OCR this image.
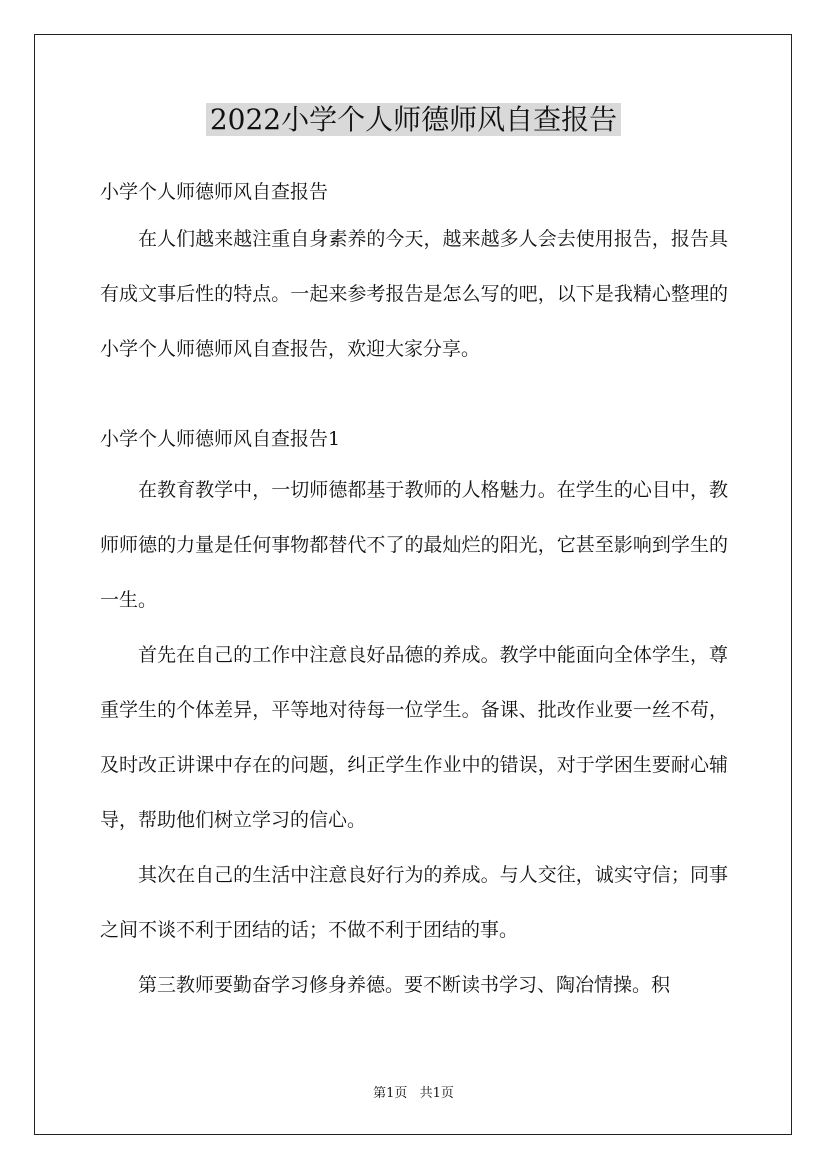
2022小学个人师德师风自查报告

小学个人师德师风自查报告

在人们越来越注重自身素养的今天，越来越多人会去使用报告，报告具有成文事后性的特点。一起来参考报告是怎么写的吧，以下是我精心整理的小学个人师德师风自查报告，欢迎大家分享。

小学个人师德师风自查报告1

在教育教学中，一切师德都基于教师的人格魅力。在学生的心目中，教师师德的力量是任何事物都替代不了的最灿烂的阳光，它甚至影响到学生的一生。

首先在自己的工作中注意良好品德的养成。教学中能面向全体学生，尊重学生的个体差异，平等地对待每一位学生。备课、批改作业要一丝不苟，及时改正讲课中存在的问题，纠正学生作业中的错误，对于学困生要耐心辅导，帮助他们树立学习的信心。

其次在自己的生活中注意良好行为的养成。与人交往，诚实守信；同事之间不谈不利于团结的话；不做不利于团结的事。

第三教师要勤奋学习修身养德。要不断读书学习、陶冶情操。积

第1页 共1页
